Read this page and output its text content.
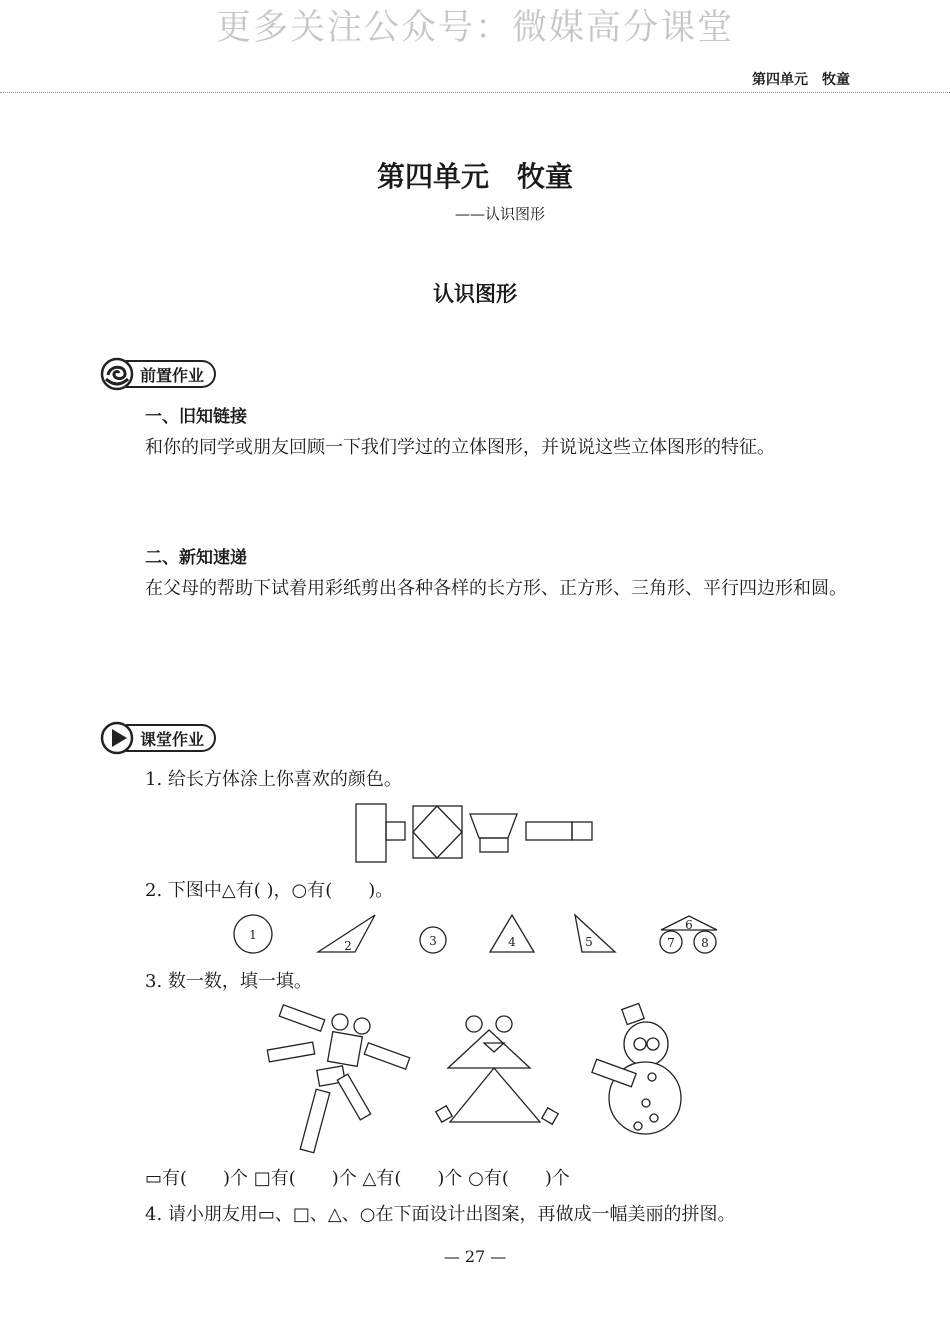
更多关注公众号：微媒高分课堂
第四单元　牧童
第四单元　牧童
——认识图形
认识图形
前置作业
一、旧知链接
和你的同学或朋友回顾一下我们学过的立体图形，并说说这些立体图形的特征。
二、新知速递
在父母的帮助下试着用彩纸剪出各种各样的长方形、正方形、三角形、平行四边形和圆。
课堂作业
1. 给长方体涂上你喜欢的颜色。
2. 下图中△有( )，○有(　　)。
1
2	3	4	5
6
7 8
3. 数一数，填一填。
▭有(　　)个 □有(　　)个 △有(　　)个 ○有(　　)个
4. 请小朋友用▭、□、△、○在下面设计出图案，再做成一幅美丽的拼图。
— 27 —
